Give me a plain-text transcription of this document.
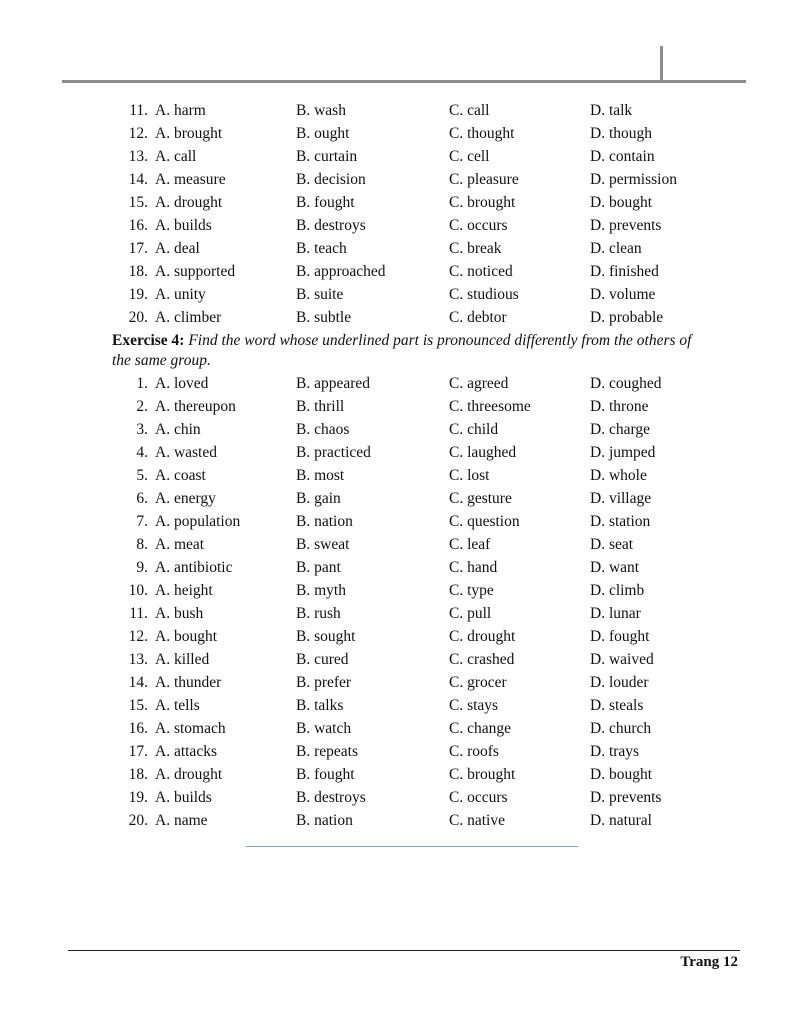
11. A. harm	B. wash	C. call	D. talk
12. A. brought	B. ought	C. thought	D. though
13. A. call	B. curtain	C. cell	D. contain
14. A. measure	B. decision	C. pleasure	D. permission
15. A. drought	B. fought	C. brought	D. bought
16. A. builds	B. destroys	C. occurs	D. prevents
17. A. deal	B. teach	C. break	D. clean
18. A. supported	B. approached	C. noticed	D. finished
19. A. unity	B. suite	C. studious	D. volume
20. A. climber	B. subtle	C. debtor	D. probable
Exercise 4: Find the word whose underlined part is pronounced differently from the others of the same group.
1. A. loved	B. appeared	C. agreed	D. coughed
2. A. thereupon	B. thrill	C. threesome	D. throne
3. A. chin	B. chaos	C. child	D. charge
4. A. wasted	B. practiced	C. laughed	D. jumped
5. A. coast	B. most	C. lost	D. whole
6. A. energy	B. gain	C. gesture	D. village
7. A. population	B. nation	C. question	D. station
8. A. meat	B. sweat	C. leaf	D. seat
9. A. antibiotic	B. pant	C. hand	D. want
10. A. height	B. myth	C. type	D. climb
11. A. bush	B. rush	C. pull	D. lunar
12. A. bought	B. sought	C. drought	D. fought
13. A. killed	B. cured	C. crashed	D. waived
14. A. thunder	B. prefer	C. grocer	D. louder
15. A. tells	B. talks	C. stays	D. steals
16. A. stomach	B. watch	C. change	D. church
17. A. attacks	B. repeats	C. roofs	D. trays
18. A. drought	B. fought	C. brought	D. bought
19. A. builds	B. destroys	C. occurs	D. prevents
20. A. name	B. nation	C. native	D. natural
Trang 12
